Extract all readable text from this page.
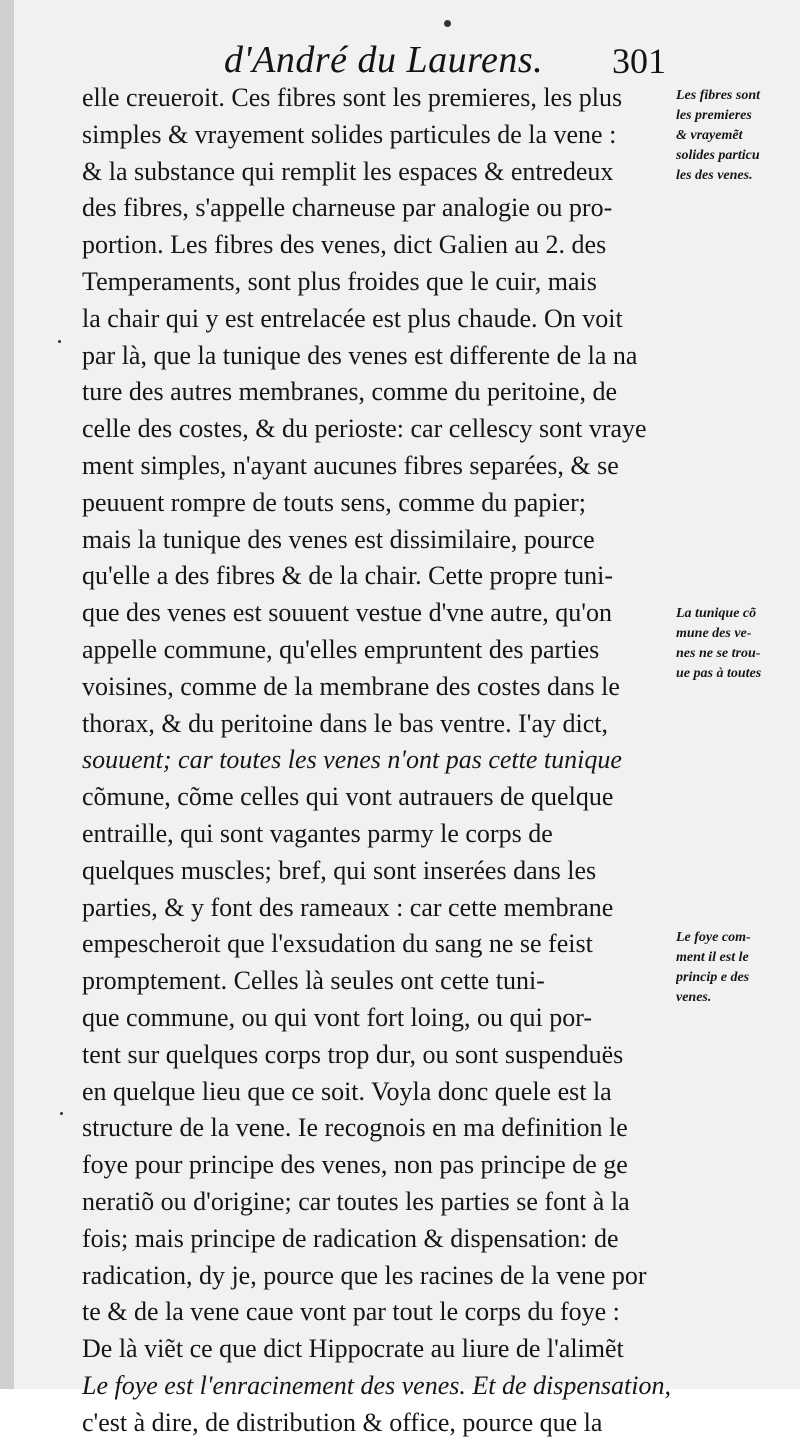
d'André du Laurens. 301
elle creueroit. Ces fibres sont les premieres, les plus
simples & vrayement solides particules de la vene :
& la substance qui remplit les espaces & entredeux
des fibres, s'appelle charneuse par analogie ou pro-
portion. Les fibres des venes, dict Galien au 2. des
Temperaments, sont plus froides que le cuir, mais
la chair qui y est entrelacée est plus chaude. On voit
par là, que la tunique des venes est differente de la na
ture des autres membranes, comme du peritoine, de
celle des costes, & du perioste: car cellescy sont vraye
ment simples, n'ayant aucunes fibres separées, & se
peuuent rompre de touts sens, comme du papier;
mais la tunique des venes est dissimilaire, pource
qu'elle a des fibres & de la chair. Cette propre tuni-
que des venes est souuent vestue d'vne autre, qu'on
appelle commune, qu'elles empruntent des parties
voisines, comme de la membrane des costes dans le
thorax, & du peritoine dans le bas ventre. I'ay dict,
souuent; car toutes les venes n'ont pas cette tunique
cõmune, cõme celles qui vont autrauers de quelque
entraille, qui sont vagantes parmy le corps de
quelques muscles; bref, qui sont inserées dans les
parties, & y font des rameaux : car cette membrane
empescheroit que l'exsudation du sang ne se feist
promptement. Celles là seules ont cette tuni-
que commune, ou qui vont fort loing, ou qui por-
tent sur quelques corps trop dur, ou sont suspenduës
en quelque lieu que ce soit. Voyla donc quele est la
structure de la vene. Ie recognois en ma definition le
foye pour principe des venes, non pas principe de ge
neratiõ ou d'origine; car toutes les parties se font à la
fois; mais principe de radication & dispensation: de
radication, dy je, pource que les racines de la vene por
te & de la vene caue vont par tout le corps du foye :
De là viẽt ce que dict Hippocrate au liure de l'alimẽt
Le foye est l'enracinement des venes. Et de dispensation,
c'est à dire, de distribution & office, pource que la
Les fibres sont
les premieres
& vrayemẽt
solides particu
les des venes.
La tunique cõ
mune des ve-
nes ne se trou-
ue pas à toutes
Le foye com-
ment il est le
princip e des
venes.
